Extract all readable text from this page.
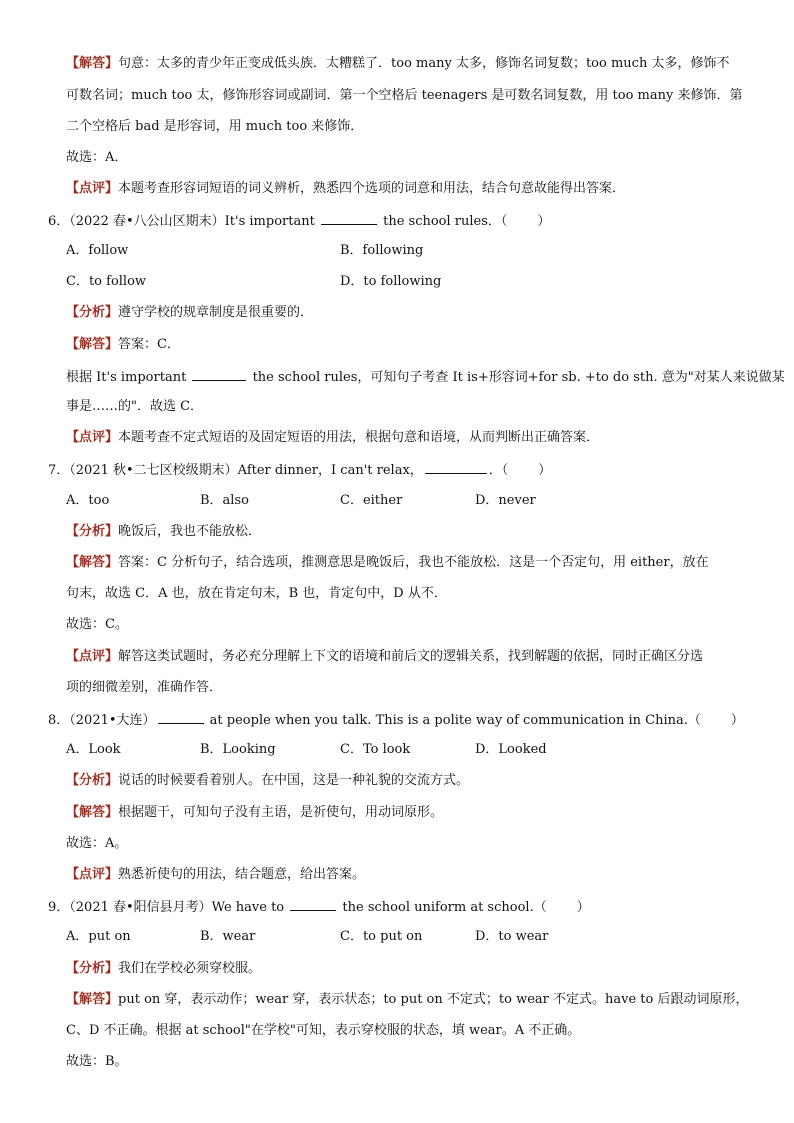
【解答】句意：太多的青少年正变成低头族．太糟糕了．too many 太多，修饰名词复数；too much 太多，修饰不
可数名词；much too 太，修饰形容词或副词．第一个空格后 teenagers 是可数名词复数，用 too many 来修饰．第
二个空格后 bad 是形容词，用 much too 来修饰．
故选：A．
【点评】本题考查形容词短语的词义辨析，熟悉四个选项的词意和用法，结合句意故能得出答案．
6．（2022 春•八公山区期末）It's important	the school rules．（ ）
A．follow	B．following
C．to follow	D．to following
【分析】遵守学校的规章制度是很重要的．
【解答】答案：C．
根据 It's important	the school rules，可知句子考查 It is+形容词+for sb. +to do sth. 意为"对某人来说做某
事是……的"．故选 C．
【点评】本题考查不定式短语的及固定短语的用法，根据句意和语境，从而判断出正确答案．
7．（2021 秋•二七区校级期末）After dinner，I can't relax，	．（ ）
A．too	B．also	C．either	D．never
【分析】晚饭后，我也不能放松．
【解答】答案：C 分析句子，结合选项，推测意思是晚饭后，我也不能放松．这是一个否定句，用 either，放在
句末，故选 C．A 也，放在肯定句末，B 也，肯定句中，D 从不．
故选：C。
【点评】解答这类试题时，务必充分理解上下文的语境和前后文的逻辑关系，找到解题的依据，同时正确区分选
项的细微差别，准确作答．
8．（2021•大连）	at people when you talk. This is a polite way of communication in China.（ ）
A．Look	B．Looking	C．To look	D．Looked
【分析】说话的时候要看着别人。在中国，这是一种礼貌的交流方式。
【解答】根据题干，可知句子没有主语，是祈使句，用动词原形。
故选：A。
【点评】熟悉祈使句的用法，结合题意，给出答案。
9．（2021 春•阳信县月考）We have to	the school uniform at school.（ ）
A．put on	B．wear	C．to put on	D．to wear
【分析】我们在学校必须穿校服。
【解答】put on 穿，表示动作；wear 穿，表示状态；to put on 不定式；to wear 不定式。have to 后跟动词原形，
C、D 不正确。根据 at school"在学校"可知，表示穿校服的状态，填 wear。A 不正确。
故选：B。
